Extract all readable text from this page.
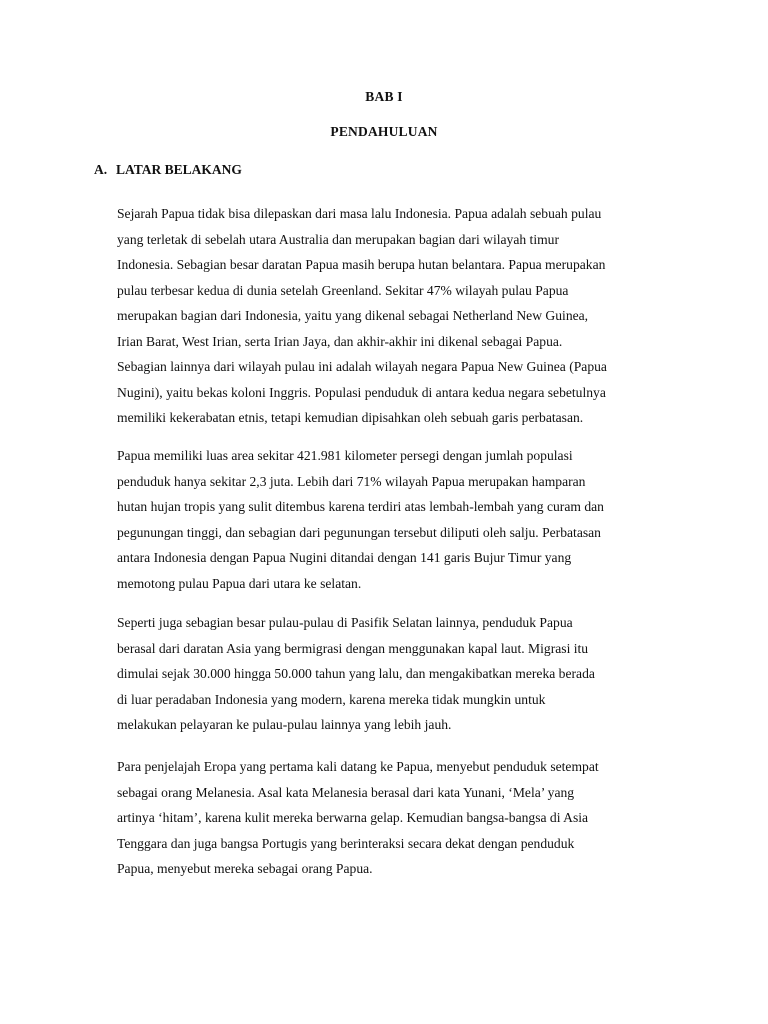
BAB I
PENDAHULUAN
A. LATAR BELAKANG
Sejarah Papua tidak bisa dilepaskan dari masa lalu Indonesia. Papua adalah sebuah pulau
yang terletak di sebelah utara Australia dan merupakan bagian dari wilayah timur
Indonesia. Sebagian besar daratan Papua masih berupa hutan belantara. Papua merupakan
pulau terbesar kedua di dunia setelah Greenland. Sekitar 47% wilayah pulau Papua
merupakan bagian dari Indonesia, yaitu yang dikenal sebagai Netherland New Guinea,
Irian Barat, West Irian, serta Irian Jaya, dan akhir-akhir ini dikenal sebagai Papua.
Sebagian lainnya dari wilayah pulau ini adalah wilayah negara Papua New Guinea (Papua
Nugini), yaitu bekas koloni Inggris. Populasi penduduk di antara kedua negara sebetulnya
memiliki kekerabatan etnis, tetapi kemudian dipisahkan oleh sebuah garis perbatasan.
Papua memiliki luas area sekitar 421.981 kilometer persegi dengan jumlah populasi
penduduk hanya sekitar 2,3 juta. Lebih dari 71% wilayah Papua merupakan hamparan
hutan hujan tropis yang sulit ditembus karena terdiri atas lembah-lembah yang curam dan
pegunungan tinggi, dan sebagian dari pegunungan tersebut diliputi oleh salju. Perbatasan
antara Indonesia dengan Papua Nugini ditandai dengan 141 garis Bujur Timur yang
memotong pulau Papua dari utara ke selatan.
Seperti juga sebagian besar pulau-pulau di Pasifik Selatan lainnya, penduduk Papua
berasal dari daratan Asia yang bermigrasi dengan menggunakan kapal laut. Migrasi itu
dimulai sejak 30.000 hingga 50.000 tahun yang lalu, dan mengakibatkan mereka berada
di luar peradaban Indonesia yang modern, karena mereka tidak mungkin untuk
melakukan pelayaran ke pulau-pulau lainnya yang lebih jauh.
Para penjelajah Eropa yang pertama kali datang ke Papua, menyebut penduduk setempat
sebagai orang Melanesia. Asal kata Melanesia berasal dari kata Yunani, ‘Mela’ yang
artinya ‘hitam’, karena kulit mereka berwarna gelap. Kemudian bangsa-bangsa di Asia
Tenggara dan juga bangsa Portugis yang berinteraksi secara dekat dengan penduduk
Papua, menyebut mereka sebagai orang Papua.
